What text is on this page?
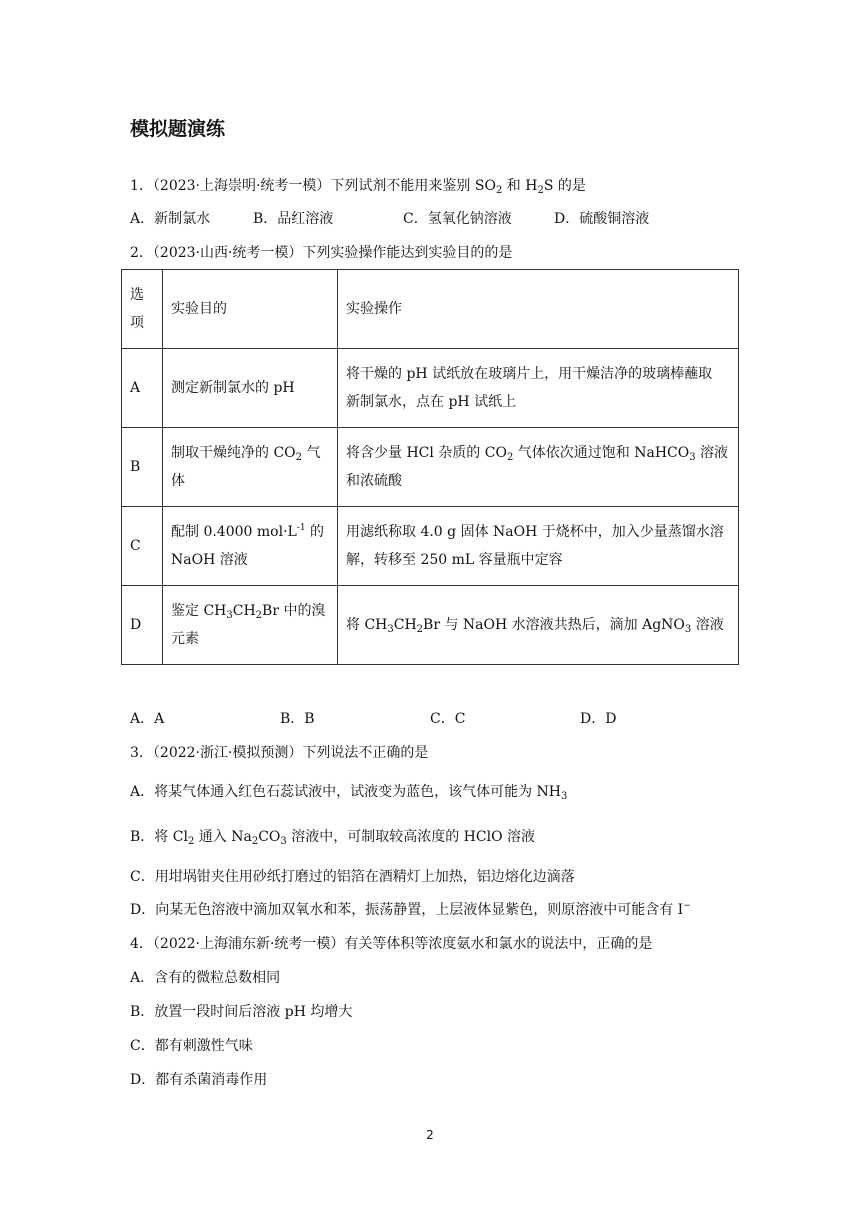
模拟题演练
1．（2023·上海崇明·统考一模）下列试剂不能用来鉴别 $SO_2$ 和 $H_2S$ 的是
A．新制氯水	B．品红溶液	C．氢氧化钠溶液	D．硫酸铜溶液
2．（2023·山西·统考一模）下列实验操作能达到实验目的的是
选
项	实验目的	实验操作
A	测定新制氯水的 pH	将干燥的 pH 试纸放在玻璃片上，用干燥洁净的玻璃棒蘸取
新制氯水，点在 pH 试纸上
B	制取干燥纯净的 $CO_2$ 气
体	将含少量 HCl 杂质的 $CO_2$ 气体依次通过饱和 NaHCO$_3$ 溶液
和浓硫酸
C	配制 0.4000 $mol\cdot L^{-1}$ 的
NaOH 溶液	用滤纸称取 4.0 g 固体 NaOH 于烧杯中，加入少量蒸馏水溶
解，转移至 250 mL 容量瓶中定容
D	鉴定 $CH_3CH_2Br$ 中的溴
元素	将 $CH_3CH_2Br$ 与 NaOH 水溶液共热后，滴加 AgNO$_3$ 溶液
A．A	B．B	C．C	D．D
3．（2022·浙江·模拟预测）下列说法不正确的是
A．将某气体通入红色石蕊试液中，试液变为蓝色，该气体可能为 $NH_3$
B．将 $Cl_2$ 通入 $Na_2CO_3$ 溶液中，可制取较高浓度的 HClO 溶液
C．用坩埚钳夹住用砂纸打磨过的铝箔在酒精灯上加热，铝边熔化边滴落
D．向某无色溶液中滴加双氧水和苯，振荡静置，上层液体显紫色，则原溶液中可能含有 I−
4．（2022·上海浦东新·统考一模）有关等体积等浓度氨水和氯水的说法中，正确的是
A．含有的微粒总数相同
B．放置一段时间后溶液 pH 均增大
C．都有刺激性气味
D．都有杀菌消毒作用
2
